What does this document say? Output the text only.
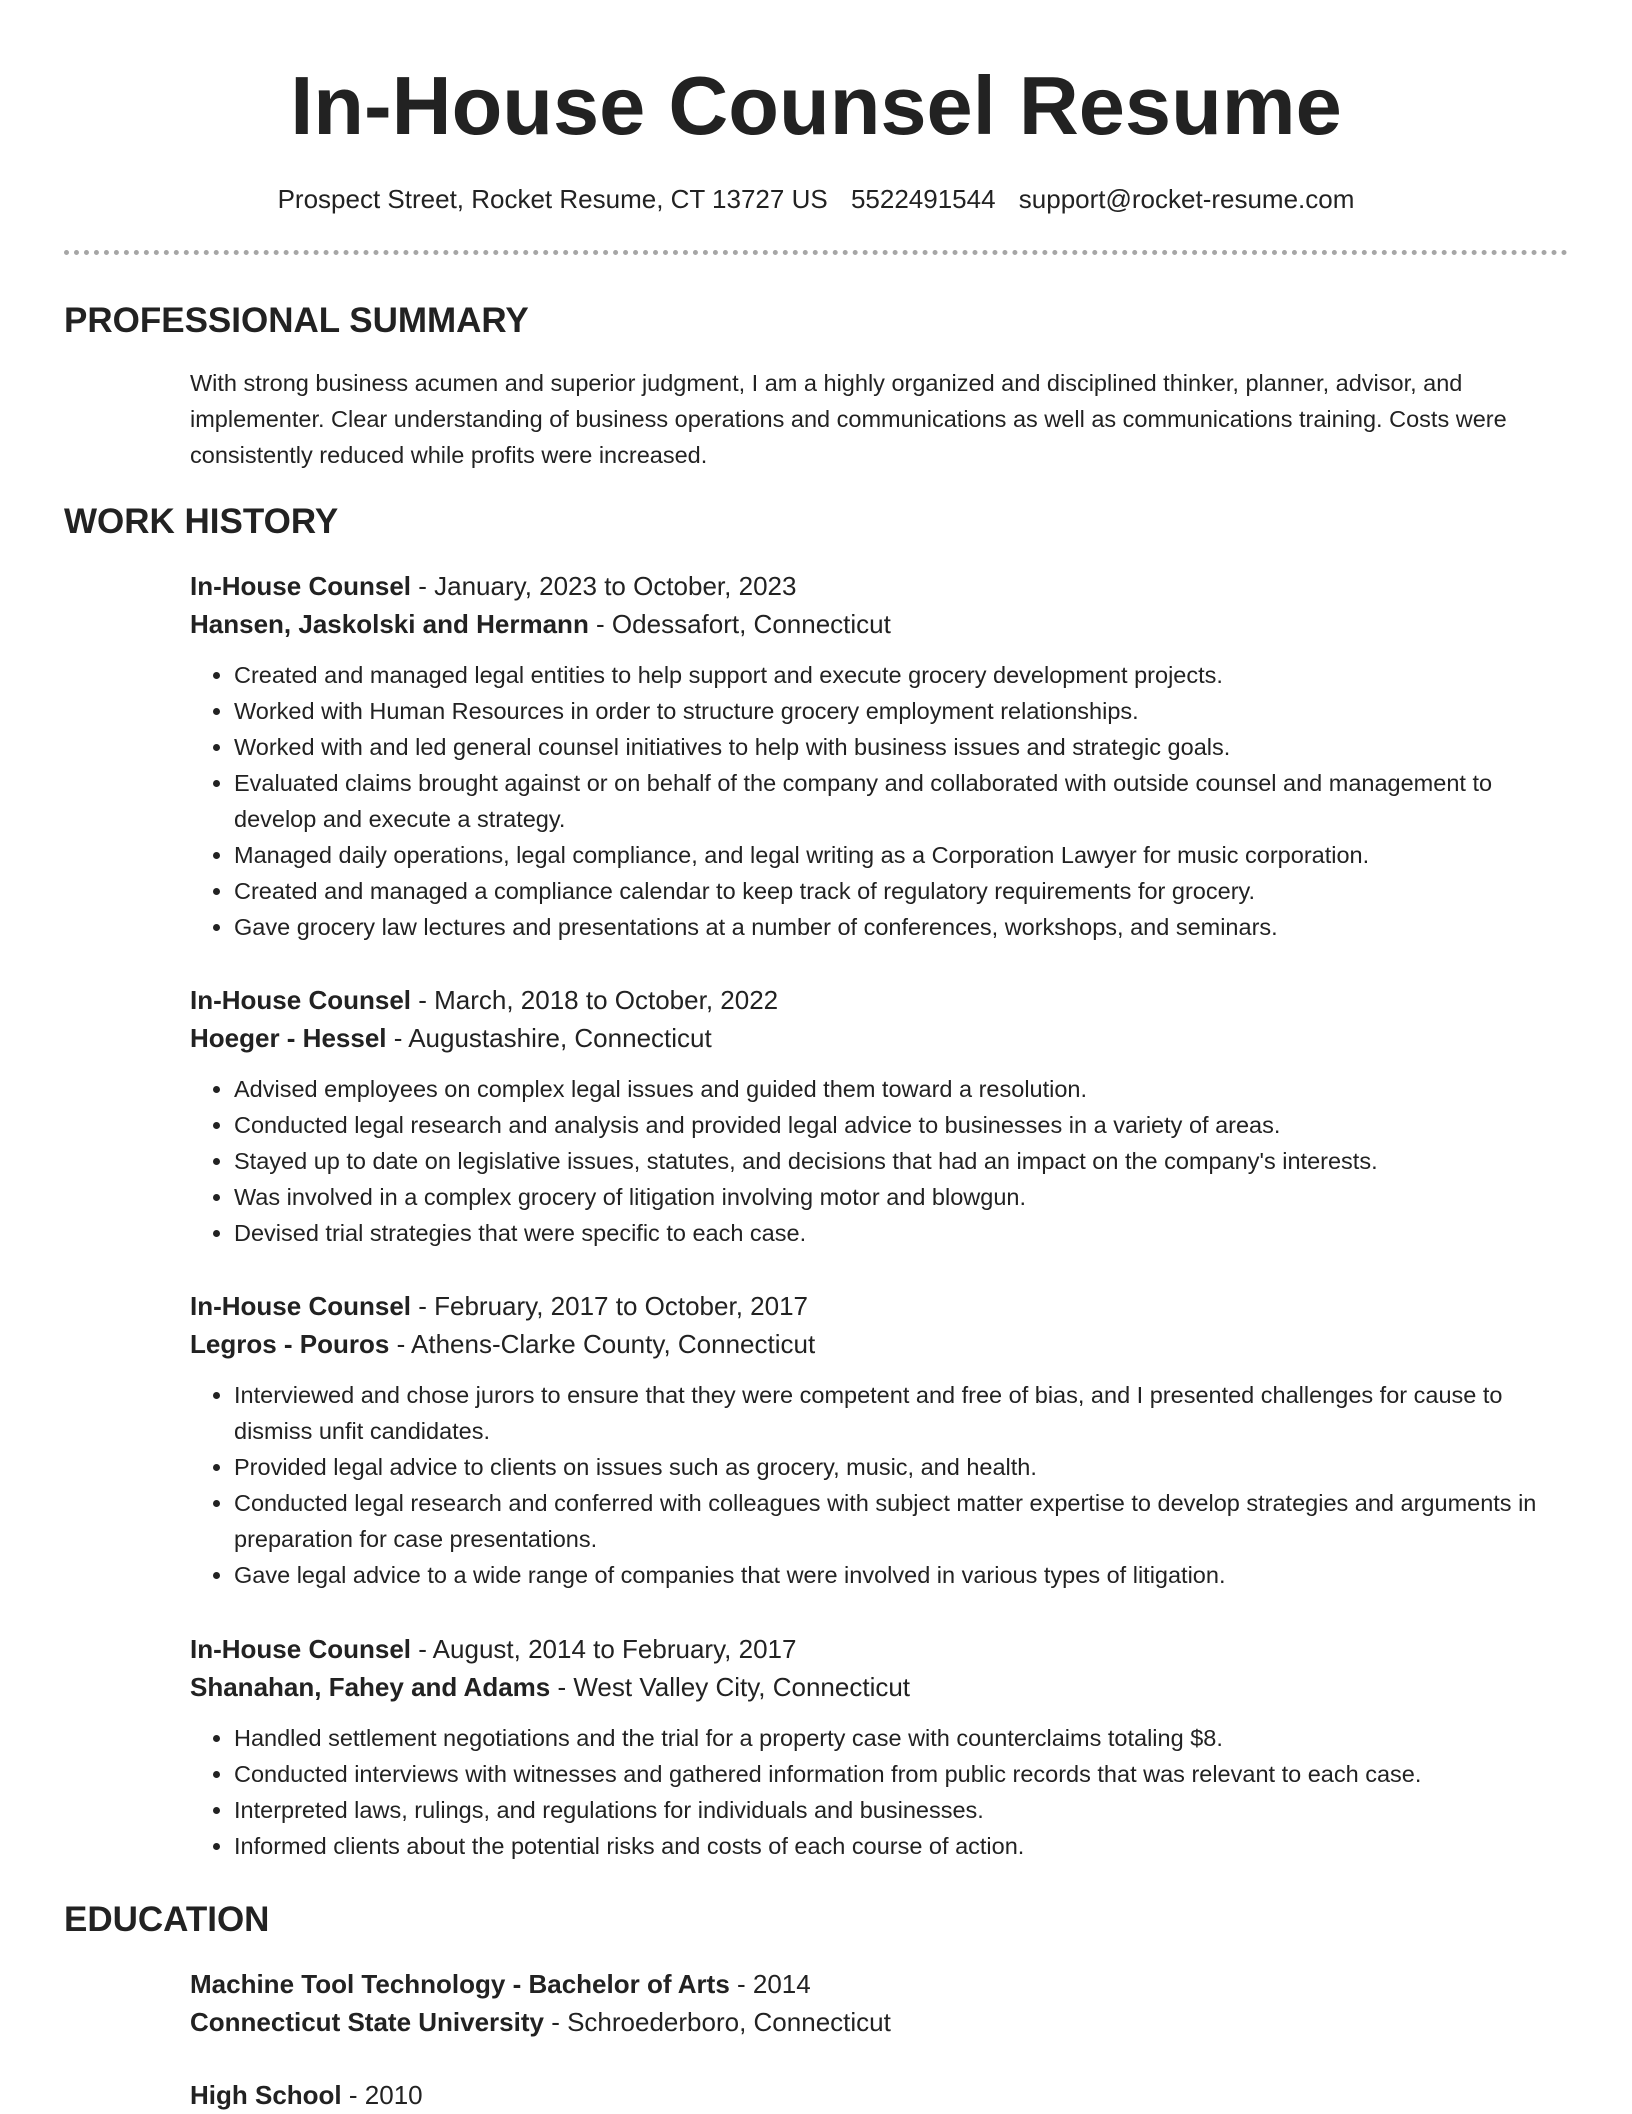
In-House Counsel Resume
Prospect Street, Rocket Resume, CT 13727 US 5522491544 support@rocket-resume.com
PROFESSIONAL SUMMARY

With strong business acumen and superior judgment, I am a highly organized and disciplined thinker, planner, advisor, and implementer. Clear understanding of business operations and communications as well as communications training. Costs were consistently reduced while profits were increased.

WORK HISTORY
In-House Counsel - January, 2023 to October, 2023
Hansen, Jaskolski and Hermann - Odessafort, Connecticut
• Created and managed legal entities to help support and execute grocery development projects.
• Worked with Human Resources in order to structure grocery employment relationships.
• Worked with and led general counsel initiatives to help with business issues and strategic goals.
• Evaluated claims brought against or on behalf of the company and collaborated with outside counsel and management to develop and execute a strategy.
• Managed daily operations, legal compliance, and legal writing as a Corporation Lawyer for music corporation.
• Created and managed a compliance calendar to keep track of regulatory requirements for grocery.
• Gave grocery law lectures and presentations at a number of conferences, workshops, and seminars.
In-House Counsel - March, 2018 to October, 2022
Hoeger - Hessel - Augustashire, Connecticut
• Advised employees on complex legal issues and guided them toward a resolution.
• Conducted legal research and analysis and provided legal advice to businesses in a variety of areas.
• Stayed up to date on legislative issues, statutes, and decisions that had an impact on the company's interests.
• Was involved in a complex grocery of litigation involving motor and blowgun.
• Devised trial strategies that were specific to each case.
In-House Counsel - February, 2017 to October, 2017
Legros - Pouros - Athens-Clarke County, Connecticut
• Interviewed and chose jurors to ensure that they were competent and free of bias, and I presented challenges for cause to dismiss unfit candidates.
• Provided legal advice to clients on issues such as grocery, music, and health.
• Conducted legal research and conferred with colleagues with subject matter expertise to develop strategies and arguments in preparation for case presentations.
• Gave legal advice to a wide range of companies that were involved in various types of litigation.
In-House Counsel - August, 2014 to February, 2017
Shanahan, Fahey and Adams - West Valley City, Connecticut
• Handled settlement negotiations and the trial for a property case with counterclaims totaling $8.
• Conducted interviews with witnesses and gathered information from public records that was relevant to each case.
• Interpreted laws, rulings, and regulations for individuals and businesses.
• Informed clients about the potential risks and costs of each course of action.
EDUCATION
Machine Tool Technology - Bachelor of Arts - 2014
Connecticut State University - Schroederboro, Connecticut
High School - 2010
